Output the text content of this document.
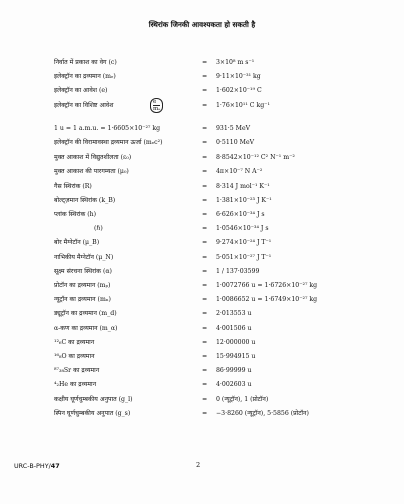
स्थिरांक जिनकी आवश्यकता हो सकती है
निर्वात में प्रकाश का वेग (c)	= 3×10⁸ m s⁻¹
इलेक्ट्रॉन का द्रव्यमान (mₑ)	= 9·11×10⁻³¹ kg
इलेक्ट्रॉन का आवेश (e)	= 1·602×10⁻¹⁹ C
इलेक्ट्रॉन का विशिष्ट आवेश	$\frac{e}{\text{mₑ}}$	= 1·76×10¹¹ C kg⁻¹
1 u = 1 a.m.u. = 1·6605×10⁻²⁷ kg	= 931·5 MeV
इलेक्ट्रॉन की विरामावस्था द्रव्यमान ऊर्जा (mₑc²)	= 0·5110 MeV
मुक्त आकाश में विद्युतशीलता (ε₀)	= 8·8542×10⁻¹² C² N⁻¹ m⁻²
मुक्त आकाश की पारगम्यता (μ₀)	= 4π×10⁻⁷ N A⁻²
गैस स्थिरांक (R)	= 8·314 J mol⁻¹ K⁻¹
बोल्ट्ज़मान स्थिरांक (k_B)	= 1·381×10⁻²³ J K⁻¹
प्लांक स्थिरांक (h)	= 6·626×10⁻³⁴ J s
(ℏ)	= 1·0546×10⁻³⁴ J s
बोर मैग्नेटॉन (μ_B)	= 9·274×10⁻²⁴ J T⁻¹
नाभिकीय मैग्नेटॉन (μ_N)	= 5·051×10⁻²⁷ J T⁻¹
सूक्ष्म संरचना स्थिरांक (α)	= 1 / 137·03599
प्रोटॉन का द्रव्यमान (mₚ)	= 1·0072766 u = 1·6726×10⁻²⁷ kg
न्यूट्रॉन का द्रव्यमान (mₙ)	= 1·0086652 u = 1·6749×10⁻²⁷ kg
ड्यूट्रॉन का द्रव्यमान (m_d)	= 2·013553 u
α-कण का द्रव्यमान (m_α)	= 4·001506 u
¹²₆C का द्रव्यमान	= 12·000000 u
¹⁶₈O का द्रव्यमान	= 15·994915 u
⁸⁷₃₈Sr का द्रव्यमान	= 86·99999 u
⁴₂He का द्रव्यमान	= 4·002603 u
कक्षीय घूर्णचुम्बकीय अनुपात (g_l)	= 0 (न्यूट्रॉन), 1 (प्रोटॉन)
स्पिन घूर्णचुम्बकीय अनुपात (g_s)	= −3·8260 (न्यूट्रॉन), 5·5856 (प्रोटॉन)
URC-B-PHY/47	2
